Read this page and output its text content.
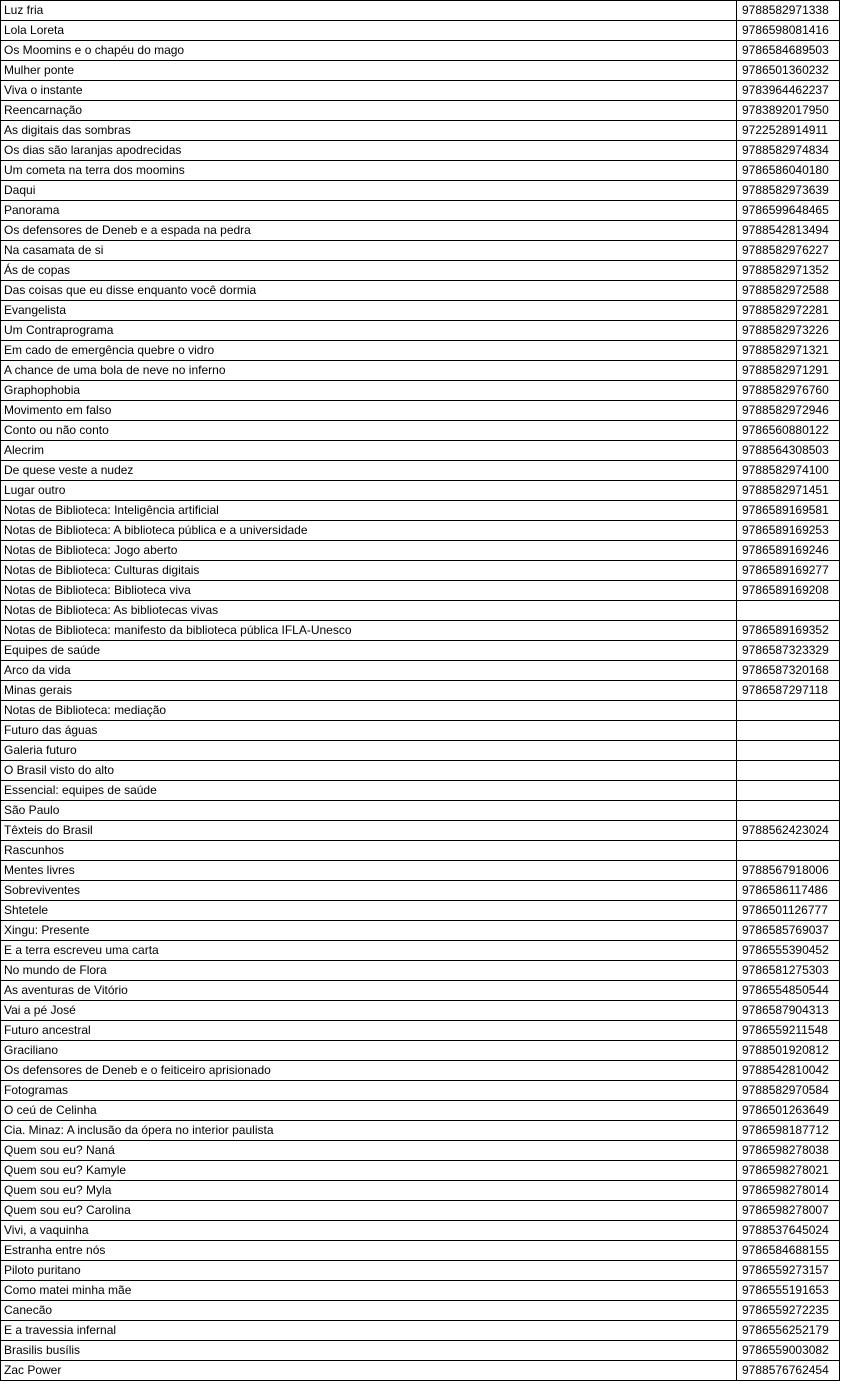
Luz fria	9788582971338
Lola Loreta	9786598081416
Os Moomins e o chapéu do mago	9786584689503
Mulher ponte	9786501360232
Viva o instante	9783964462237
Reencarnação	9783892017950
As digitais das sombras	9722528914911
Os dias são laranjas apodrecidas	9788582974834
Um cometa na terra dos moomins	9786586040180
Daqui	9788582973639
Panorama	9786599648465
Os defensores de Deneb e a espada na pedra	9788542813494
Na casamata de si	9788582976227
Ás de copas	9788582971352
Das coisas que eu disse enquanto você dormia	9788582972588
Evangelista	9788582972281
Um Contraprograma	9788582973226
Em cado de emergência quebre o vidro	9788582971321
A chance de uma bola de neve no inferno	9788582971291
Graphophobia	9788582976760
Movimento em falso	9788582972946
Conto ou não conto	9786560880122
Alecrim	9788564308503
De quese veste a nudez	9788582974100
Lugar outro	9788582971451
Notas de Biblioteca: Inteligência artificial	9786589169581
Notas de Biblioteca: A biblioteca pública e a universidade	9786589169253
Notas de Biblioteca: Jogo aberto	9786589169246
Notas de Biblioteca: Culturas digitais	9786589169277
Notas de Biblioteca: Biblioteca viva	9786589169208
Notas de Biblioteca: As bibliotecas vivas	
Notas de Biblioteca: manifesto da biblioteca pública IFLA-Unesco	9786589169352
Equipes de saúde	9786587323329
Arco da vida	9786587320168
Minas gerais	9786587297118
Notas de Biblioteca: mediação	
Futuro das águas	
Galeria futuro	
O Brasil visto do alto	
Essencial: equipes de saúde	
São Paulo	
Têxteis do Brasil	9788562423024
Rascunhos	
Mentes livres	9788567918006
Sobreviventes	9786586117486
Shtetele	9786501126777
Xingu: Presente	9786585769037
E a terra escreveu uma carta	9786555390452
No mundo de Flora	9786581275303
As aventuras de Vitório	9786554850544
Vai a pé José	9786587904313
Futuro ancestral	9786559211548
Graciliano	9788501920812
Os defensores de Deneb e o feiticeiro aprisionado	9788542810042
Fotogramas	9788582970584
O ceú de Celinha	9786501263649
Cia. Minaz: A inclusão da ópera no interior paulista	9786598187712
Quem sou eu? Naná	9786598278038
Quem sou eu? Kamyle	9786598278021
Quem sou eu? Myla	9786598278014
Quem sou eu? Carolina	9786598278007
Vivi, a vaquinha	9788537645024
Estranha entre nós	9786584688155
Piloto puritano	9786559273157
Como matei minha mãe	9786555191653
Canecão	9786559272235
E a travessia infernal	9786556252179
Brasilis busílis	9786559003082
Zac Power	9788576762454
